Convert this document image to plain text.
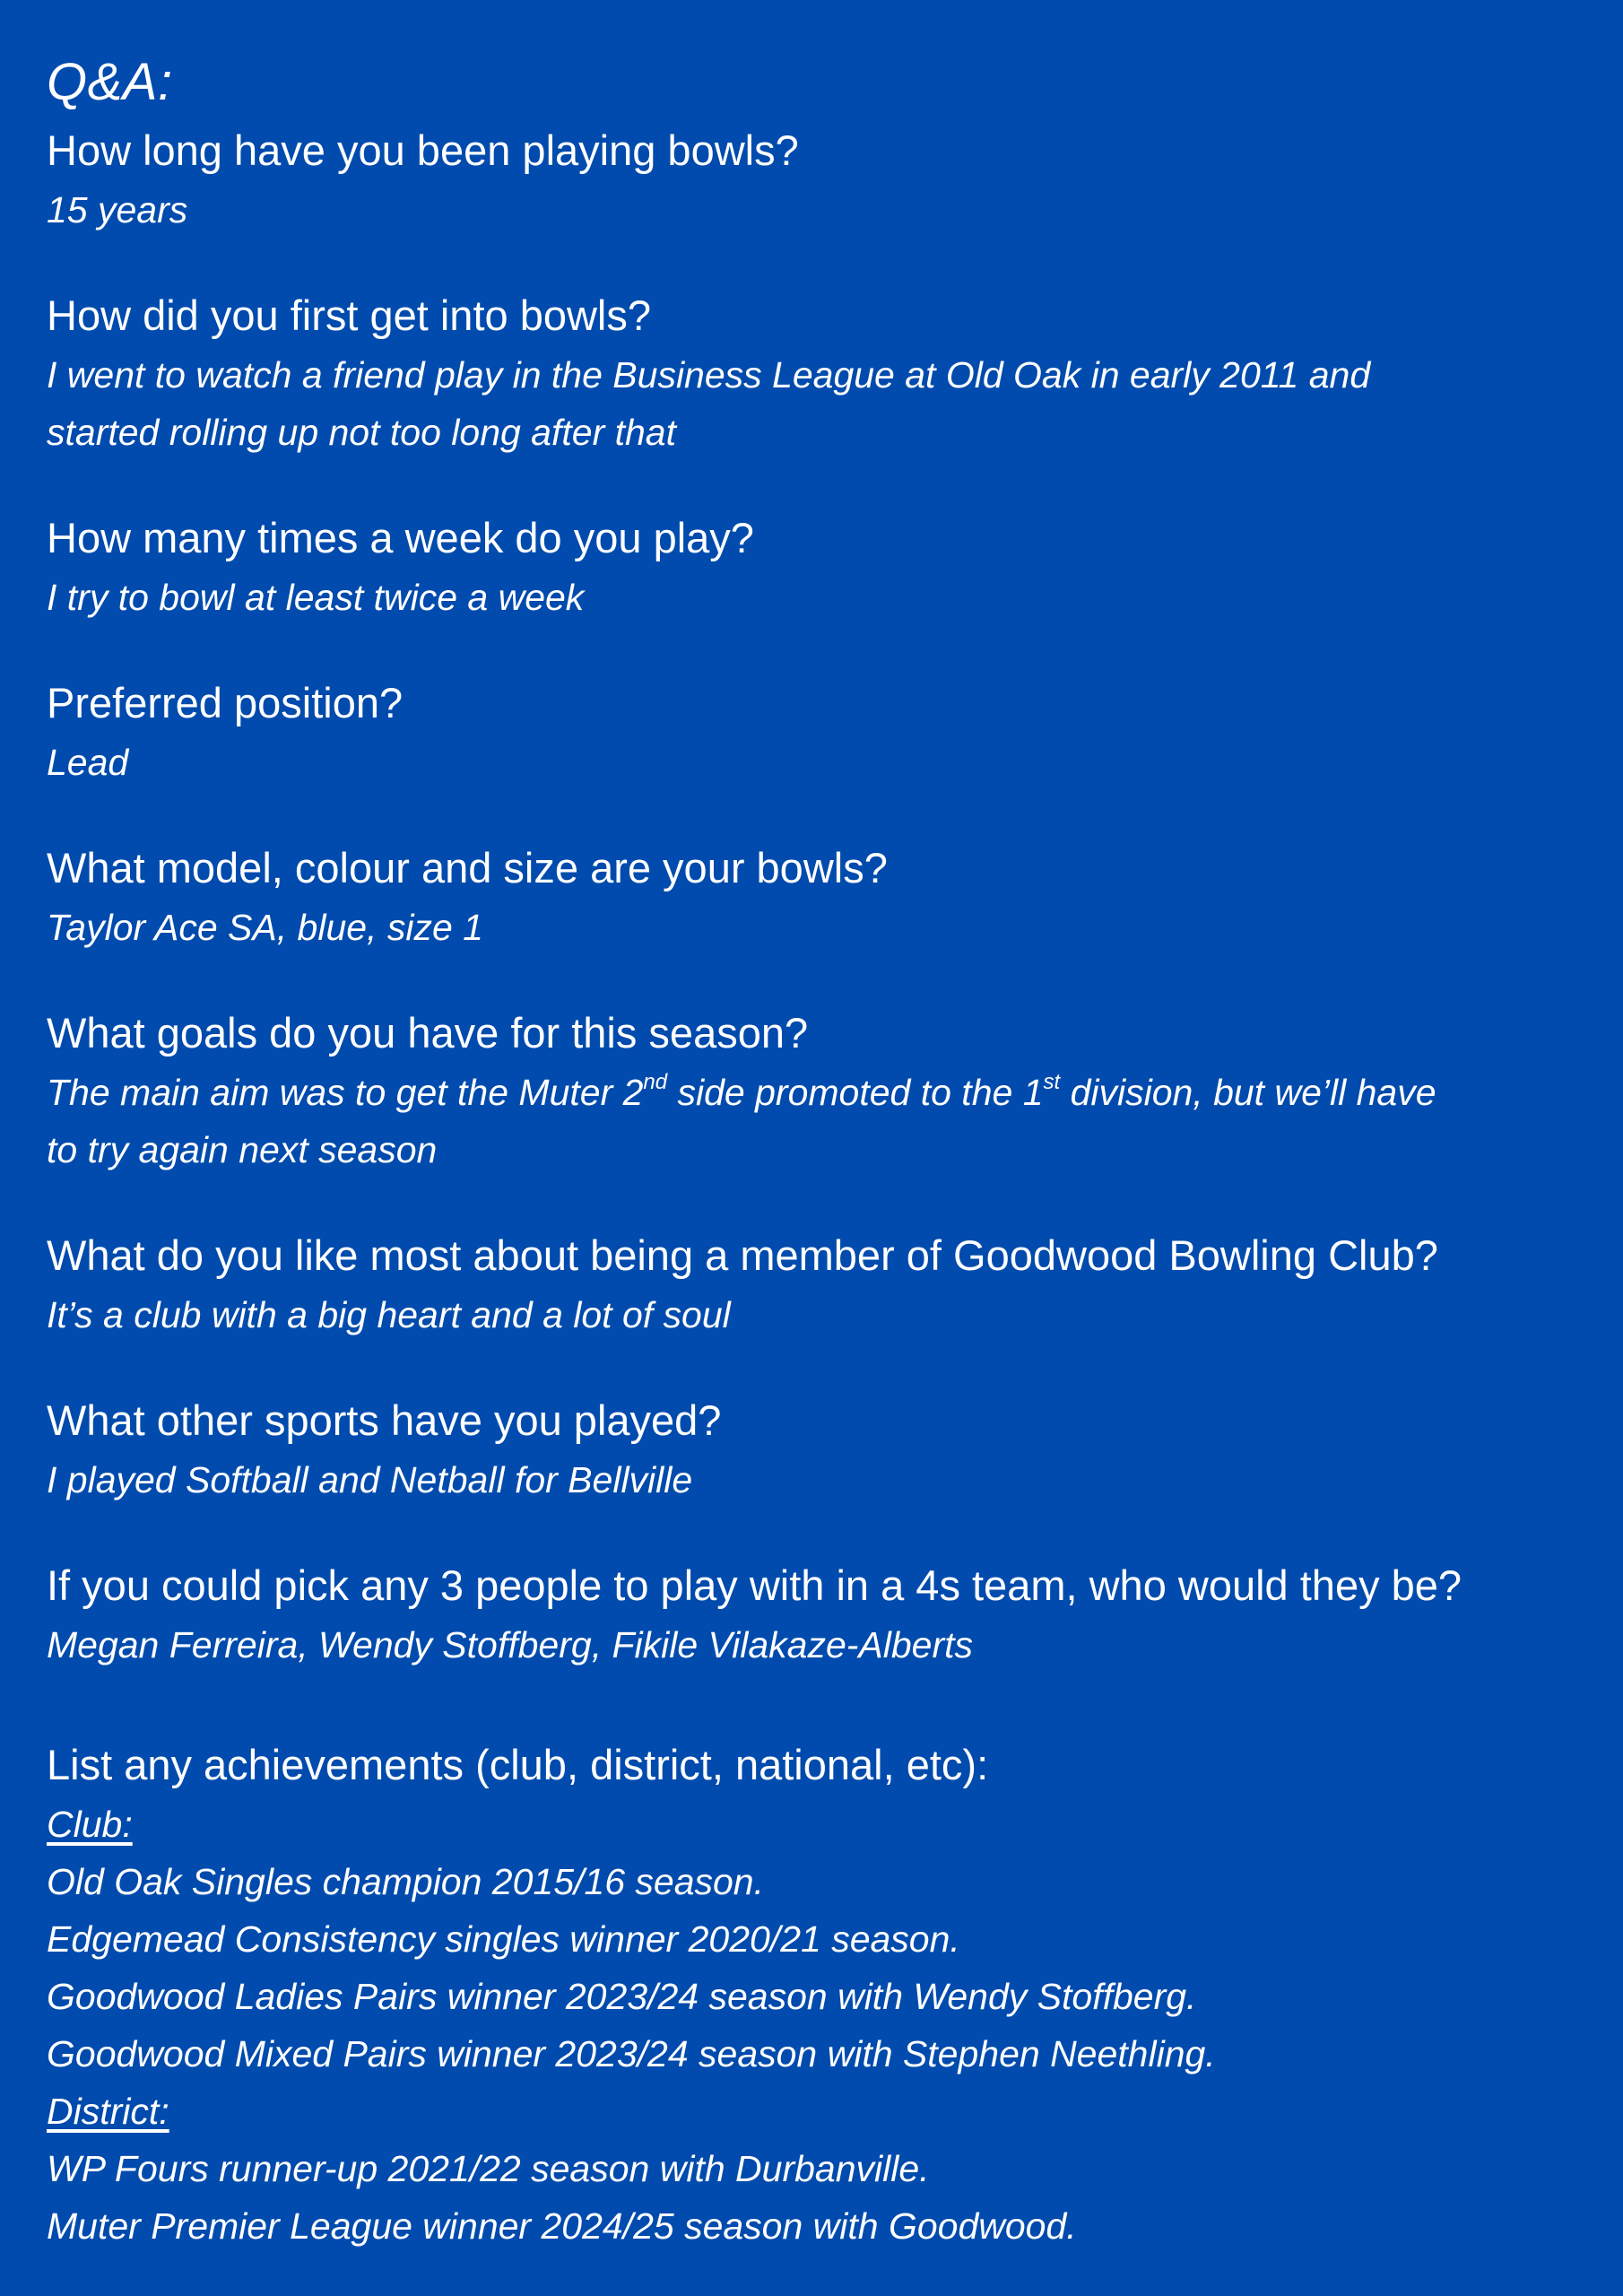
Q&A:

How long have you been playing bowls?

15 years

How did you first get into bowls?

I went to watch a friend play in the Business League at Old Oak in early 2011 and

started rolling up not too long after that

How many times a week do you play?

I try to bowl at least twice a week

Preferred position?

Lead

What model, colour and size are your bowls?

Taylor Ace SA, blue, size 1

What goals do you have for this season?

The main aim was to get the Muter 2nd side promoted to the 1st division, but we’ll have

to try again next season

What do you like most about being a member of Goodwood Bowling Club?

It’s a club with a big heart and a lot of soul

What other sports have you played?

I played Softball and Netball for Bellville

If you could pick any 3 people to play with in a 4s team, who would they be?

Megan Ferreira, Wendy Stoffberg, Fikile Vilakaze-Alberts

List any achievements (club, district, national, etc):

Club:

Old Oak Singles champion 2015/16 season.

Edgemead Consistency singles winner 2020/21 season.

Goodwood Ladies Pairs winner 2023/24 season with Wendy Stoffberg.

Goodwood Mixed Pairs winner 2023/24 season with Stephen Neethling.

District:

WP Fours runner-up 2021/22 season with Durbanville.

Muter Premier League winner 2024/25 season with Goodwood.
